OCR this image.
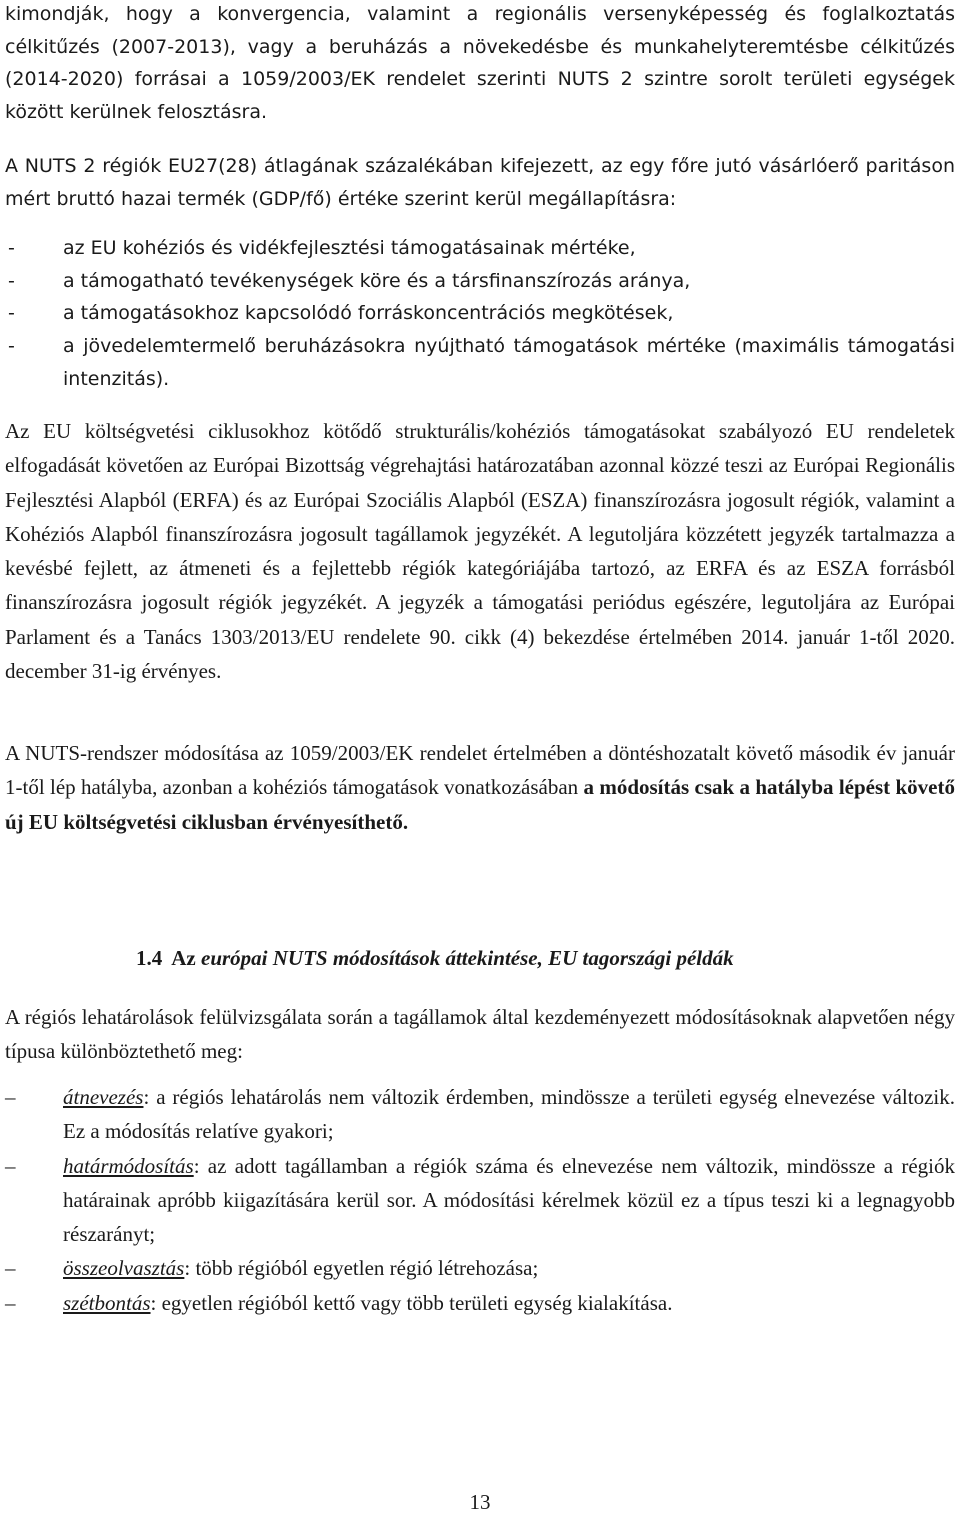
kimondják, hogy a konvergencia, valamint a regionális versenyképesség és foglalkoztatás célkitűzés (2007-2013), vagy a beruházás a növekedésbe és munkahelyteremtésbe célkitűzés (2014-2020) forrásai a 1059/2003/EK rendelet szerinti NUTS 2 szintre sorolt területi egységek között kerülnek felosztásra.

A NUTS 2 régiók EU27(28) átlagának százalékában kifejezett, az egy főre jutó vásárlóerő paritáson mért bruttó hazai termék (GDP/fő) értéke szerint kerül megállapításra:

-	az EU kohéziós és vidékfejlesztési támogatásainak mértéke,
-	a támogatható tevékenységek köre és a társfinanszírozás aránya,
-	a támogatásokhoz kapcsolódó forráskoncentrációs megkötések,
-	a jövedelemtermelő beruházásokra nyújtható támogatások mértéke (maximális támogatási intenzitás).

Az EU költségvetési ciklusokhoz kötődő strukturális/kohéziós támogatásokat szabályozó EU rendeletek elfogadását követően az Európai Bizottság végrehajtási határozatában azonnal közzé teszi az Európai Regionális Fejlesztési Alapból (ERFA) és az Európai Szociális Alapból (ESZA) finanszírozásra jogosult régiók, valamint a Kohéziós Alapból finanszírozásra jogosult tagállamok jegyzékét. A legutoljára közzétett jegyzék tartalmazza a kevésbé fejlett, az átmeneti és a fejlettebb régiók kategóriájába tartozó, az ERFA és az ESZA forrásból finanszírozásra jogosult régiók jegyzékét. A jegyzék a támogatási periódus egészére, legutoljára az Európai Parlament és a Tanács 1303/2013/EU rendelete 90. cikk (4) bekezdése értelmében 2014. január 1-től 2020. december 31-ig érvényes.

A NUTS-rendszer módosítása az 1059/2003/EK rendelet értelmében a döntéshozatalt követő második év január 1-től lép hatályba, azonban a kohéziós támogatások vonatkozásában a módosítás csak a hatályba lépést követő új EU költségvetési ciklusban érvényesíthető.

1.4 Az európai NUTS módosítások áttekintése, EU tagországi példák

A régiós lehatárolások felülvizsgálata során a tagállamok által kezdeményezett módosításoknak alapvetően négy típusa különböztethető meg:

– átnevezés: a régiós lehatárolás nem változik érdemben, mindössze a területi egység elnevezése változik. Ez a módosítás relatíve gyakori;
– határmódosítás: az adott tagállamban a régiók száma és elnevezése nem változik, mindössze a régiók határainak apróbb kiigazítására kerül sor. A módosítási kérelmek közül ez a típus teszi ki a legnagyobb részarányt;
– összeolvasztás: több régióból egyetlen régió létrehozása;
– szétbontás: egyetlen régióból kettő vagy több területi egység kialakítása.
13
